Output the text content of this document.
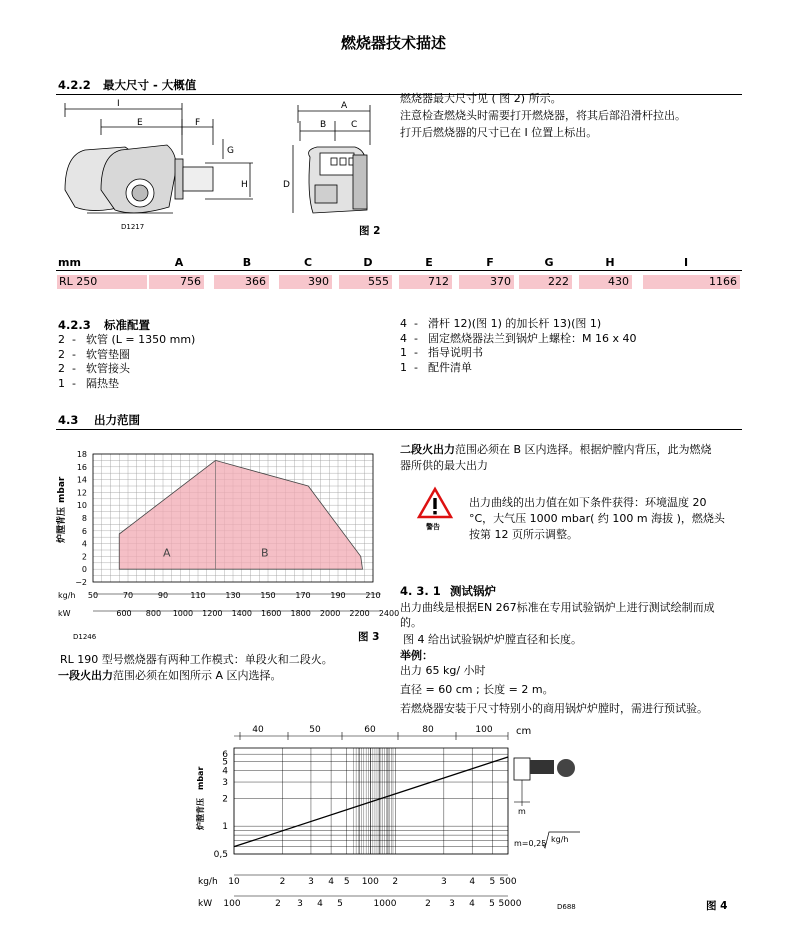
燃烧器技术描述
4.2.2 最大尺寸 - 大概值
I
E	F
G
H
D1217
A
B	C
D
图 2
燃烧器最大尺寸见 ( 图 2) 所示。
注意检查燃烧头时需要打开燃烧器，将其后部沿滑杆拉出。
打开后燃烧器的尺寸已在 I 位置上标出。
mm	A	B	C	D	E	F	G	H	I
RL 250	756	366	390	555	712	370	222	430	1166
4.2.3 标准配置
2 - 软管 (L = 1350 mm)
2 - 软管垫圈
2 - 软管接头
1 - 隔热垫
4 - 滑杆 12)(图 1) 的加长杆 13)(图 1)
4 - 固定燃烧器法兰到锅炉上螺栓：M 16 x 40
1 - 指导说明书
1 - 配件清单
4.3 出力范围
A	B
−2
0
2
4
6
8
10
12
14
16
18
炉膛背压
mbar
kg/h 50	70	90	110 130 150 170 190 210
kW	600 800 1000 1200 1400 1600 1800 2000 2200 2400
D1246	图 3
RL 190 型号燃烧器有两种工作模式：单段火和二段火。
一段火出力范围必须在如图所示 A 区内选择。
二段火出力范围必须在 B 区内选择。根据炉膛内背压，此为燃烧
器所供的最大出力
警告
出力曲线的出力值在如下条件获得：环境温度 20
°C，大气压 1000 mbar( 约 100 m 海拔 )，燃烧头
按第 12 页所示调整。
4. 3. 1 测试锅炉
出力曲线是根据EN 267标准在专用试验锅炉上进行测试绘制而成
的。
图 4 给出试验锅炉炉膛直径和长度。
举例：
出力 65 kg/ 小时
直径 = 60 cm ; 长度 = 2 m。
若燃烧器安装于尺寸特别小的商用锅炉炉膛时，需进行预试验。
6
5
4
3
2
1
0,5
炉膛背压
mbar
40	50	60	80	100 cm
kg/h 10	2	3 4 5	2	3	4 5 500
100
kW 100	2 3 4 5	1000	2 3 4 5 5000
m
m=0,25 kg/h
D688	图 4
